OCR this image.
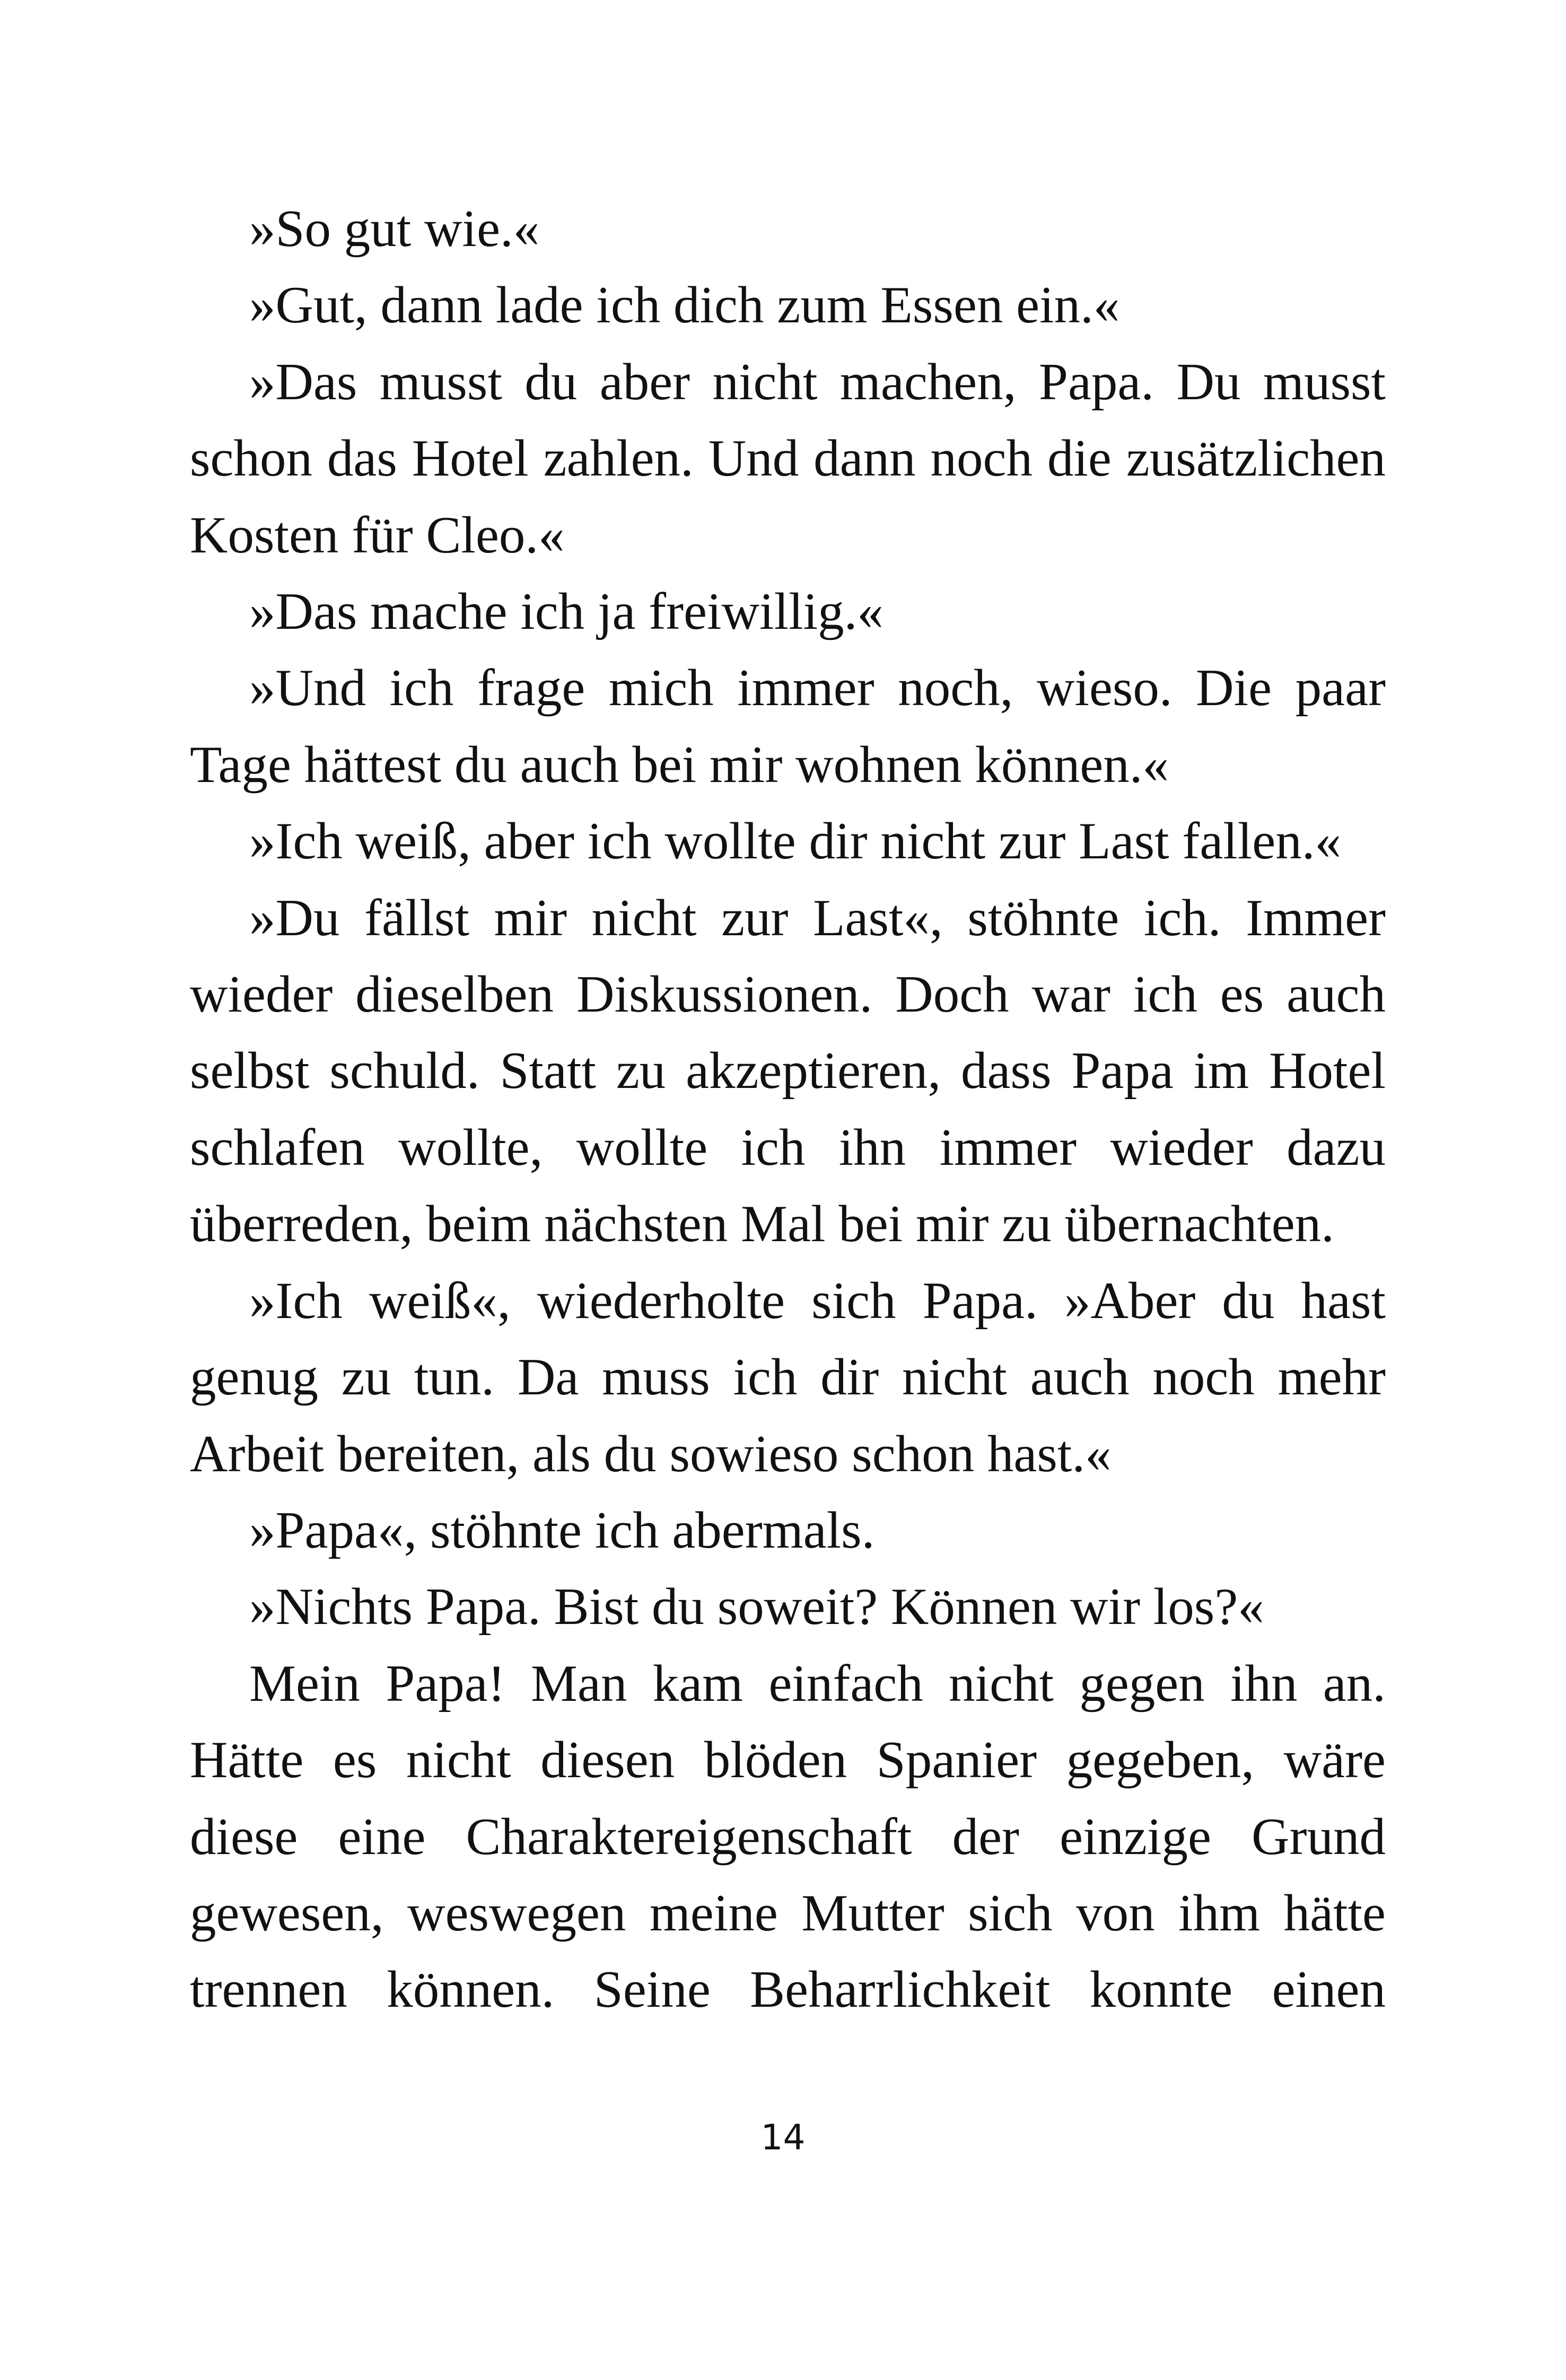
»So gut wie.«

»Gut, dann lade ich dich zum Essen ein.«

»Das musst du aber nicht machen, Papa. Du musst schon das Hotel zahlen. Und dann noch die zusätzlichen Kosten für Cleo.«

»Das mache ich ja freiwillig.«

»Und ich frage mich immer noch, wieso. Die paar Tage hättest du auch bei mir wohnen können.«

»Ich weiß, aber ich wollte dir nicht zur Last fallen.«

»Du fällst mir nicht zur Last«, stöhnte ich. Immer wieder dieselben Diskussionen. Doch war ich es auch selbst schuld. Statt zu akzeptieren, dass Papa im Hotel schlafen wollte, wollte ich ihn immer wieder dazu überreden, beim nächsten Mal bei mir zu übernachten.

»Ich weiß«, wiederholte sich Papa. »Aber du hast genug zu tun. Da muss ich dir nicht auch noch mehr Arbeit bereiten, als du sowieso schon hast.«

»Papa«, stöhnte ich abermals.

»Nichts Papa. Bist du soweit? Können wir los?«

Mein Papa! Man kam einfach nicht gegen ihn an. Hätte es nicht diesen blöden Spanier gegeben, wäre diese eine Charaktereigenschaft der einzige Grund gewesen, weswegen meine Mutter sich von ihm hätte trennen können. Seine Beharrlichkeit konnte einen

14
